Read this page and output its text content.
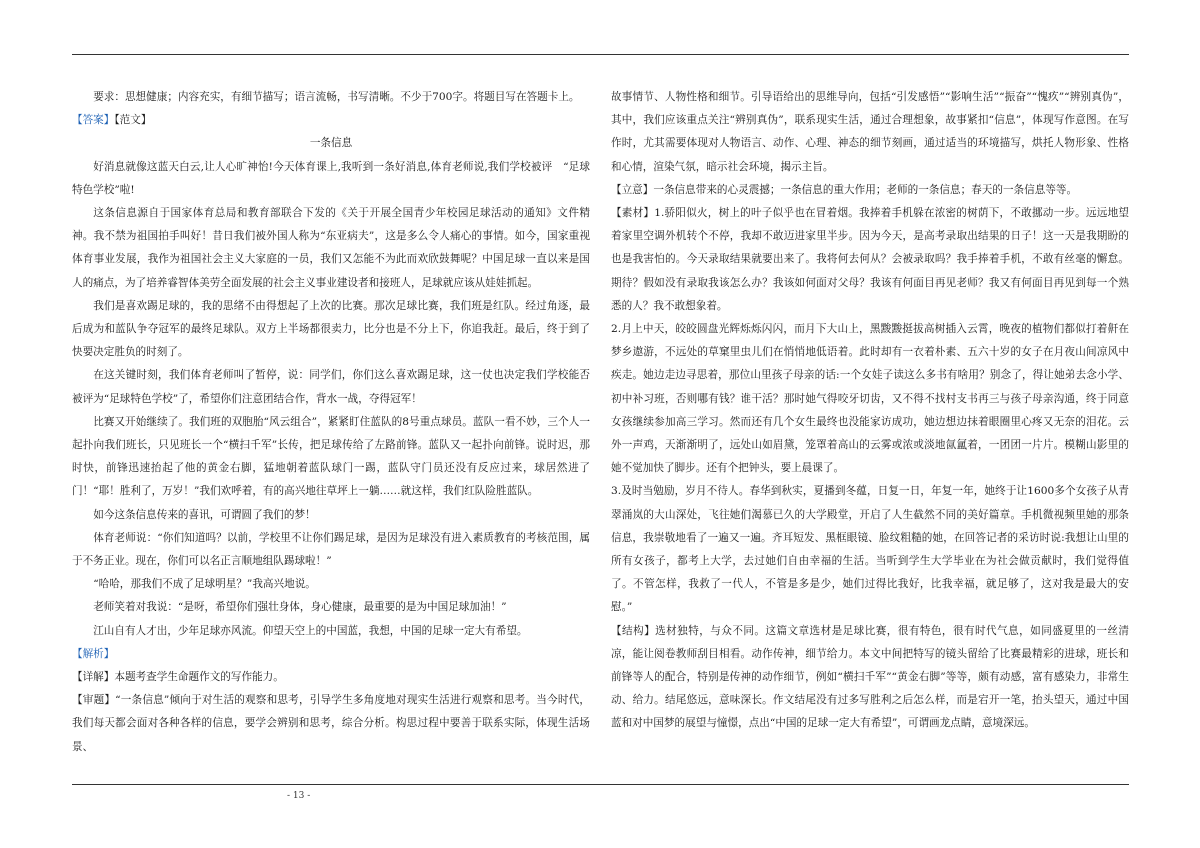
要求：思想健康；内容充实，有细节描写；语言流畅，书写清晰。不少于700字。将题目写在答题卡上。

【答案】【范文】

一条信息

好消息就像这蓝天白云,让人心旷神怡!今天体育课上,我听到一条好消息,体育老师说,我们学校被评　“足球特色学校”啦!

这条信息源自于国家体育总局和教育部联合下发的《关于开展全国青少年校园足球活动的通知》文件精神。我不禁为祖国拍手叫好！昔日我们被外国人称为“东亚病夫”，这是多么令人痛心的事情。如今，国家重视体育事业发展，我作为祖国社会主义大家庭的一员，我们又怎能不为此而欢欣鼓舞呢？中国足球一直以来是国人的痛点，为了培养睿智体美劳全面发展的社会主义事业建设者和接班人，足球就应该从娃娃抓起。

我们是喜欢踢足球的，我的思绪不由得想起了上次的比赛。那次足球比赛，我们班是红队。经过角逐，最后成为和蓝队争夺冠军的最终足球队。双方上半场都很卖力，比分也是不分上下，你追我赶。最后，终于到了快要决定胜负的时刻了。

在这关键时刻，我们体育老师叫了暂停，说：同学们，你们这么喜欢踢足球，这一仗也决定我们学校能否被评为“足球特色学校”了，希望你们注意团结合作，背水一战，夺得冠军！

比赛又开始继续了。我们班的双胞胎“风云组合”，紧紧盯住蓝队的8号重点球员。蓝队一看不妙，三个人一起扑向我们班长，只见班长一个“横扫千军”长传，把足球传给了左路前锋。蓝队又一起扑向前锋。说时迟，那时快，前锋迅速抬起了他的黄金右脚，猛地朝着蓝队球门一踢，蓝队守门员还没有反应过来，球居然进了门！“耶！胜利了，万岁！”我们欢呼着，有的高兴地往草坪上一躺……就这样，我们红队险胜蓝队。

如今这条信息传来的喜讯，可谓圆了我们的梦！

体育老师说：“你们知道吗？以前，学校里不让你们踢足球，是因为足球没有进入素质教育的考核范围，属于不务正业。现在，你们可以名正言顺地组队踢球啦！”

“哈哈，那我们不成了足球明星？”我高兴地说。

老师笑着对我说：“是呀，希望你们强壮身体，身心健康，最重要的是为中国足球加油！”

江山自有人才出，少年足球亦风流。仰望天空上的中国蓝，我想，中国的足球一定大有希望。

【解析】

【详解】本题考查学生命题作文的写作能力。

【审题】“一条信息”倾向于对生活的观察和思考，引导学生多角度地对现实生活进行观察和思考。当今时代，我们每天都会面对各种各样的信息，要学会辨别和思考，综合分析。构思过程中要善于联系实际，体现生活场景、

故事情节、人物性格和细节。引导语给出的思维导向，包括“引发感悟”“影响生活”“振奋”“愧疚”“辨别真伪”，其中，我们应该重点关注“辨别真伪”，联系现实生活，通过合理想象，故事紧扣“信息”，体现写作意图。在写作时，尤其需要体现对人物语言、动作、心理、神态的细节刻画，通过适当的环境描写，烘托人物形象、性格和心情，渲染气氛，暗示社会环境，揭示主旨。

【立意】一条信息带来的心灵震撼；一条信息的重大作用；老师的一条信息；春天的一条信息等等。

【素材】1.骄阳似火，树上的叶子似乎也在冒着烟。我捧着手机躲在浓密的树荫下，不敢挪动一步。远远地望着家里空调外机转个不停，我却不敢迈进家里半步。因为今天，是高考录取出结果的日子！这一天是我期盼的也是我害怕的。今天录取结果就要出来了。我将何去何从？会被录取吗？我手捧着手机，不敢有丝毫的懈怠。期待？假如没有录取我该怎么办？我该如何面对父母？我该有何面目再见老师？我又有何面目再见到每一个熟悉的人？我不敢想象着。

2.月上中天，皎皎圆盘光辉烁烁闪闪，而月下大山上，黑黢黢挺拔高树插入云霄，晚夜的植物们都似打着鼾在梦乡遨游，不远处的草窠里虫儿们在悄悄地低语着。此时却有一衣着朴素、五六十岁的女子在月夜山间凉风中疾走。她边走边寻思着，那位山里孩子母亲的话:一个女娃子读这么多书有啥用？别念了，得让她弟去念小学、初中补习班，否则哪有钱？谁干活？那时她气得咬牙切齿，又不得不找村支书再三与孩子母亲沟通，终于同意女孩继续参加高三学习。然而还有几个女生最终也没能家访成功，她边想边抹着眼圈里心疼又无奈的泪花。云外一声鸡，天渐渐明了，远处山如眉黛，笼罩着高山的云雾或浓或淡地氤氲着，一团团一片片。模糊山影里的她不觉加快了脚步。还有个把钟头，要上晨课了。

3.及时当勉励，岁月不待人。春华到秋实，夏播到冬蕴，日复一日，年复一年，她终于让1600多个女孩子从青翠涌岚的大山深处，飞往她们渴慕已久的大学殿堂，开启了人生截然不同的美好篇章。手机微视频里她的那条信息，我崇敬地看了一遍又一遍。齐耳短发、黑框眼镜、脸纹粗糙的她，在回答记者的采访时说:我想让山里的所有女孩子，都考上大学，去过她们自由幸福的生活。当听到学生大学毕业在为社会做贡献时，我们觉得值了。不管怎样，我救了一代人，不管是多是少，她们过得比我好，比我幸福，就足够了，这对我是最大的安慰。”

【结构】选材独特，与众不同。这篇文章选材是足球比赛，很有特色，很有时代气息，如同盛夏里的一丝清凉，能让阅卷教师刮目相看。动作传神，细节给力。本文中间把特写的镜头留给了比赛最精彩的进球，班长和前锋等人的配合，特别是传神的动作细节，例如“横扫千军”“黄金右脚”等等，颇有动感，富有感染力，非常生动、给力。结尾悠远，意味深长。作文结尾没有过多写胜利之后怎么样，而是宕开一笔，抬头望天，通过中国蓝和对中国梦的展望与憧憬，点出“中国的足球一定大有希望”，可谓画龙点睛，意境深远。

- 13 -
